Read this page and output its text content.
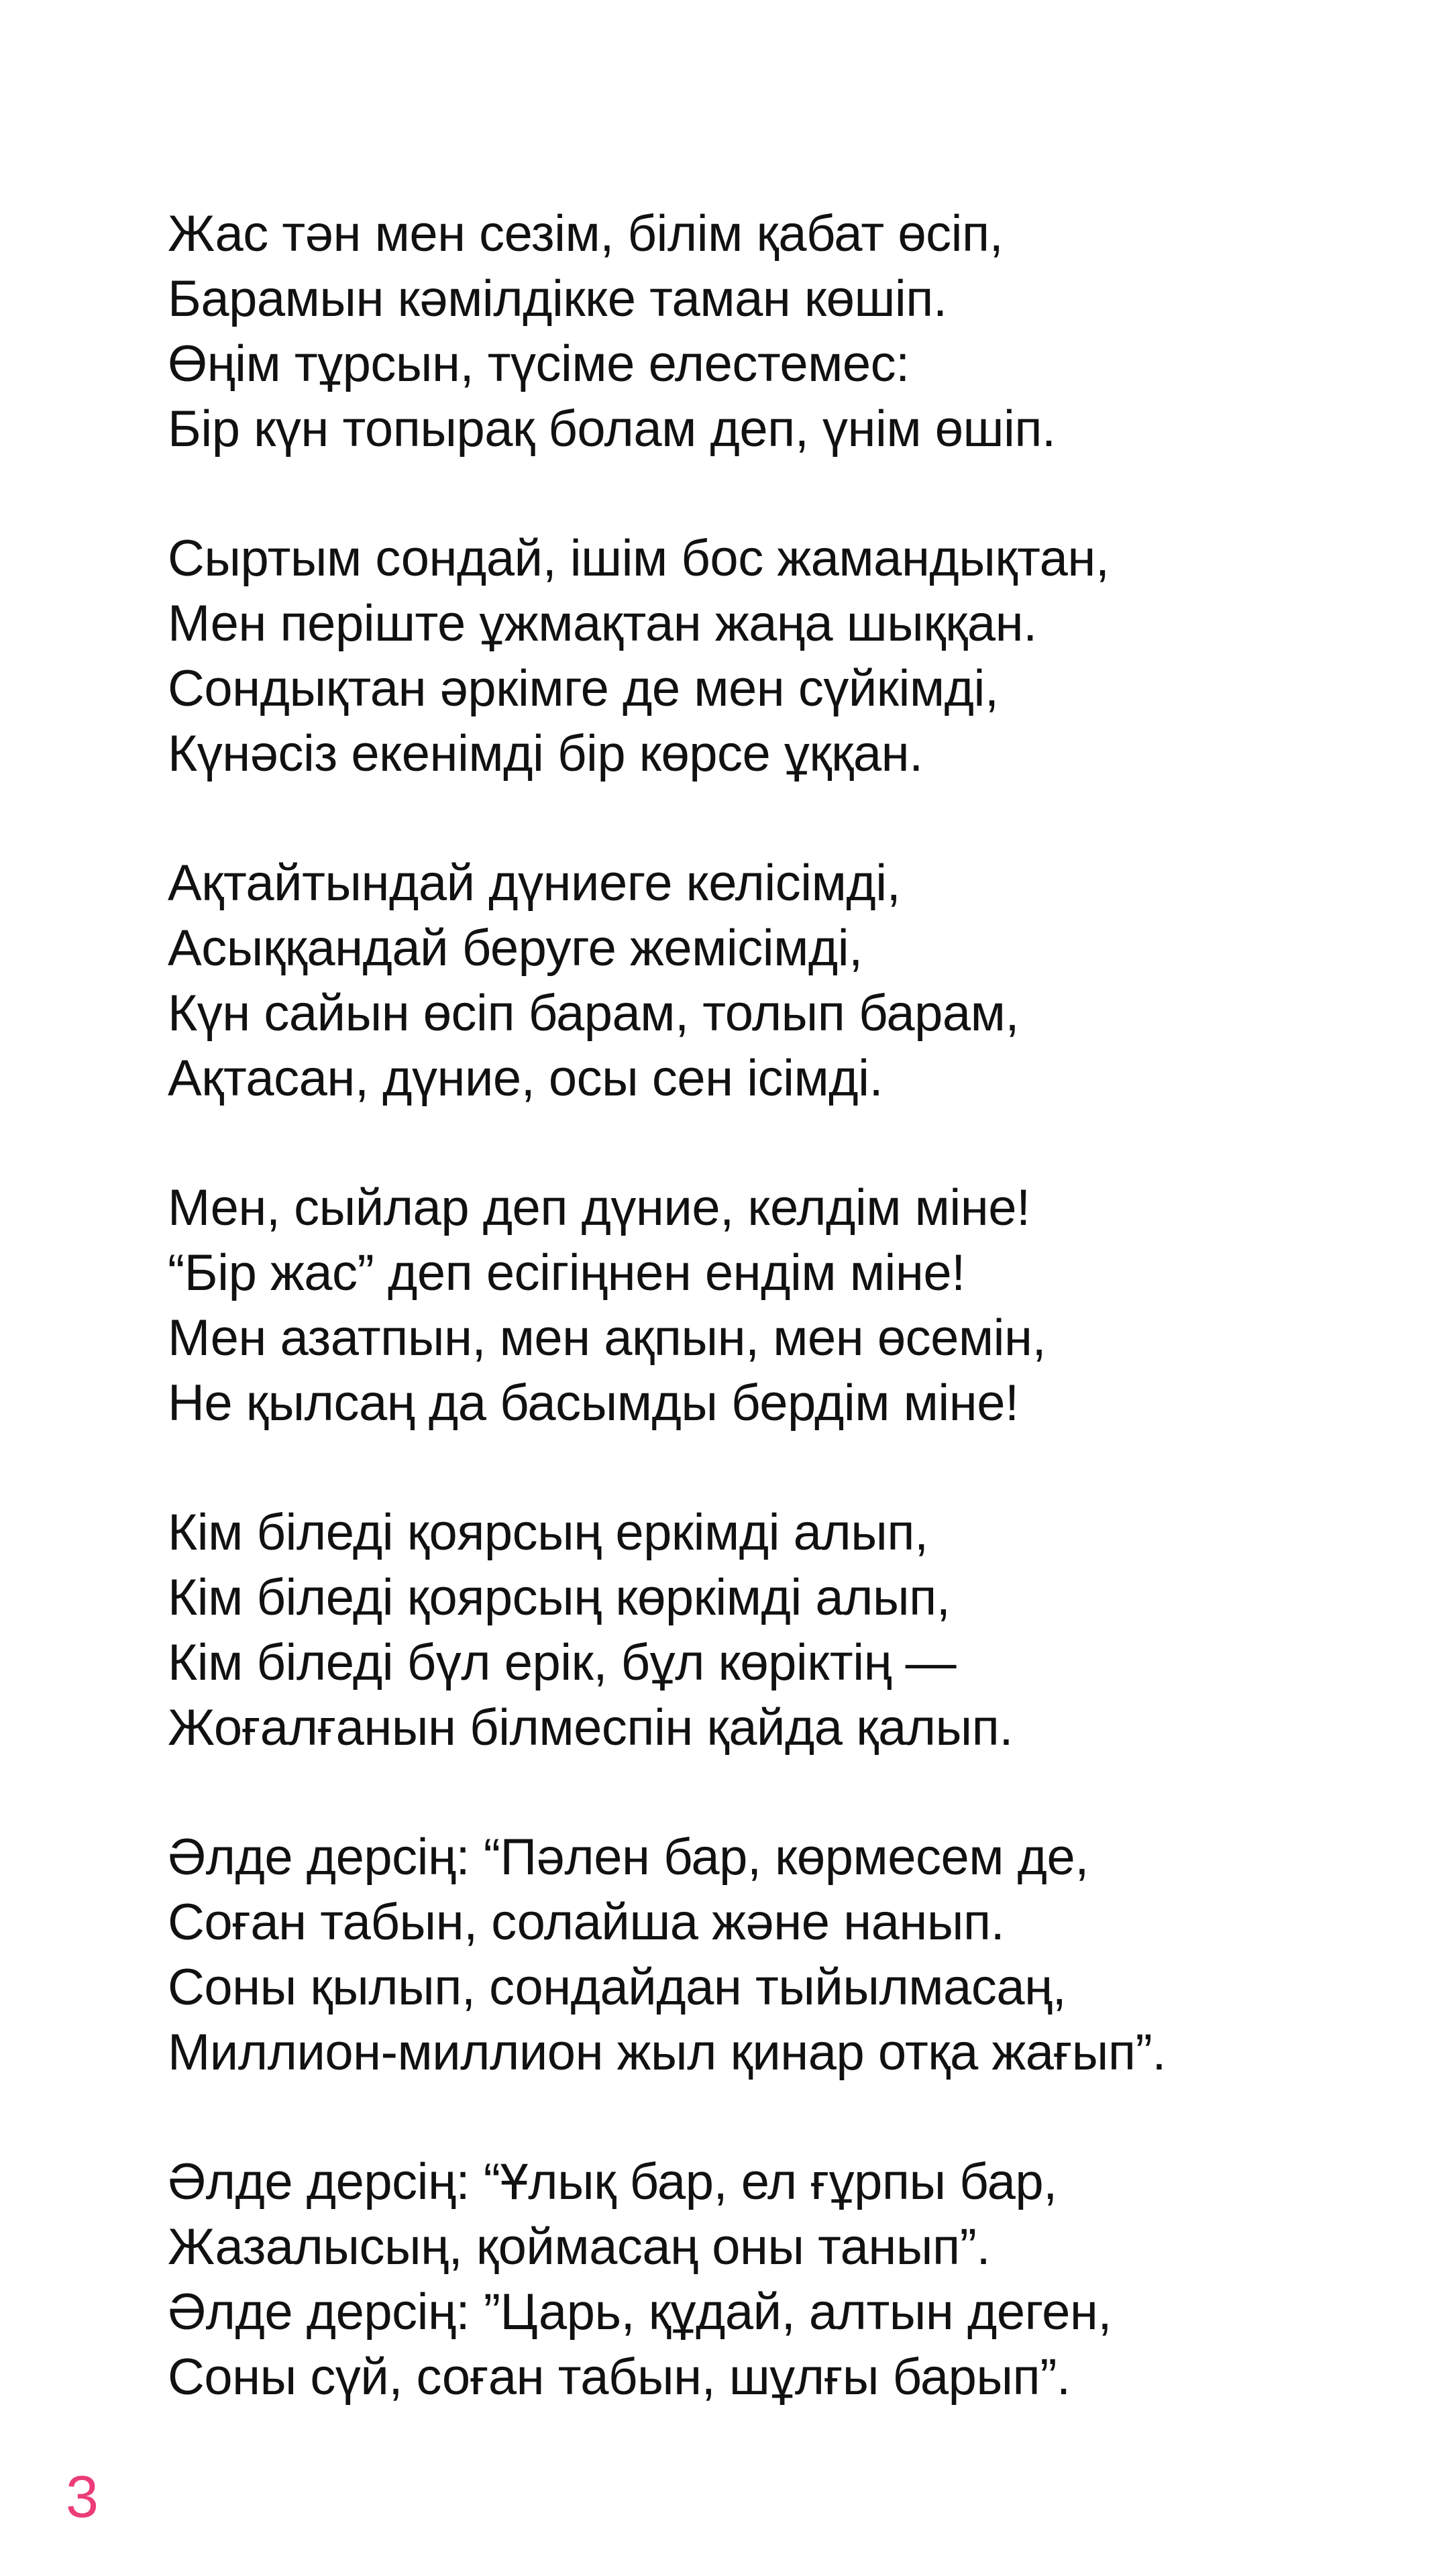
Жас тән мен сезім, білім қабат өсіп,
Барамын кәмілдікке таман көшіп.
Өңім тұрсын, түсіме елестемес:
Бір күн топырақ болам деп, үнім өшіп.
Сыртым сондай, ішім бос жамандықтан,
Мен періште ұжмақтан жаңа шыққан.
Сондықтан әркімге де мен сүйкімді,
Күнәсіз екенімді бір көрсе ұққан.
Ақтайтындай дүниеге келісімді,
Асыққандай беруге жемісімді,
Күн сайын өсіп барам, толып барам,
Ақтасан, дүние, осы сен ісімді.
Мен, сыйлар деп дүние, келдім міне!
“Бір жас” деп есігіңнен ендім міне!
Мен азатпын, мен ақпын, мен өсемін,
Не қылсаң да басымды бердім міне!
Кім біледі қоярсың еркімді алып,
Кім біледі қоярсың көркімді алып,
Кім біледі бүл ерік, бұл көріктің —
Жоғалғанын білмеспін қайда қалып.
Әлде дерсің: “Пәлен бар, көрмесем де,
Соған табын, солайша және нанып.
Соны қылып, сондайдан тыйылмасаң,
Миллион-миллион жыл қинар отқа жағып”.
Әлде дерсің: “Ұлық бар, ел ғұрпы бар,
Жазалысың, қоймасаң оны танып”.
Әлде дерсің: ”Царь, құдай, алтын деген,
Соны сүй, соған табын, шұлғы барып”.
3
